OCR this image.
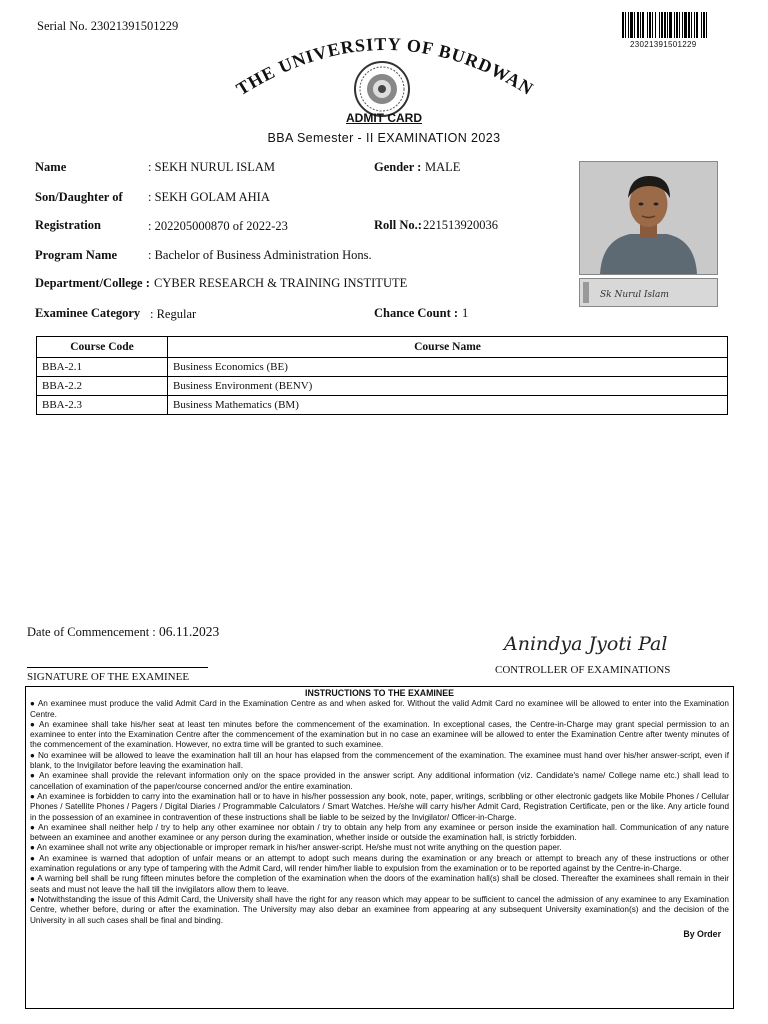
Serial No. 23021391501229
23021391501229
THE UNIVERSITY OF BURDWAN
ADMIT CARD
BBA Semester - II EXAMINATION 2023
Name	: SEKH NURUL ISLAM	Gender : MALE
Son/Daughter of : SEKH GOLAM AHIA
Registration	: 202205000870 of 2022-23	Roll No.: 221513920036
Program Name : Bachelor of Business Administration Hons.
Department/College : CYBER RESEARCH & TRAINING INSTITUTE
Examinee Category : Regular	Chance Count : 1
Sk Nurul Islam
Course Code	Course Name
BBA-2.1	Business Economics (BE)
BBA-2.2	Business Environment (BENV)
BBA-2.3	Business Mathematics (BM)
Date of Commencement : 06.11.2023
Anindya Jyoti Pal
SIGNATURE OF THE EXAMINEE
CONTROLLER OF EXAMINATIONS
INSTRUCTIONS TO THE EXAMINEE

● An examinee must produce the valid Admit Card in the Examination Centre as and when asked for. Without the valid Admit Card no examinee will be allowed to enter into the Examination Centre.

● An examinee shall take his/her seat at least ten minutes before the commencement of the examination. In exceptional cases, the Centre-in-Charge may grant special permission to an examinee to enter into the Examination Centre after the commencement of the examination but in no case an examinee will be allowed to enter the Examination Centre after twenty minutes of the commencement of the examination. However, no extra time will be granted to such examinee.

● No examinee will be allowed to leave the examination hall till an hour has elapsed from the commencement of the examination. The examinee must hand over his/her answer-script, even if blank, to the Invigilator before leaving the examination hall.

● An examinee shall provide the relevant information only on the space provided in the answer script. Any additional information (viz. Candidate's name/ College name etc.) shall lead to cancellation of examination of the paper/course concerned and/or the entire examination.

● An examinee is forbidden to carry into the examination hall or to have in his/her possession any book, note, paper, writings, scribbling or other electronic gadgets like Mobile Phones / Cellular Phones / Satellite Phones / Pagers / Digital Diaries / Programmable Calculators / Smart Watches. He/she will carry his/her Admit Card, Registration Certificate, pen or the like. Any article found in the possession of an examinee in contravention of these instructions shall be liable to be seized by the Invigilator/ Officer-in-Charge.

● An examinee shall neither help / try to help any other examinee nor obtain / try to obtain any help from any examinee or person inside the examination hall. Communication of any nature between an examinee and another examinee or any person during the examination, whether inside or outside the examination hall, is strictly forbidden.

● An examinee shall not write any objectionable or improper remark in his/her answer-script. He/she must not write anything on the question paper.

● An examinee is warned that adoption of unfair means or an attempt to adopt such means during the examination or any breach or attempt to breach any of these instructions or other examination regulations or any type of tampering with the Admit Card, will render him/her liable to expulsion from the examination or to be reported against by the Centre-in-Charge.

● A warning bell shall be rung fifteen minutes before the completion of the examination when the doors of the examination hall(s) shall be closed. Thereafter the examinees shall remain in their seats and must not leave the hall till the invigilators allow them to leave.

● Notwithstanding the issue of this Admit Card, the University shall have the right for any reason which may appear to be sufficient to cancel the admission of any examinee to any Examination Centre, whether before, during or after the examination. The University may also debar an examinee from appearing at any subsequent University examination(s) and the decision of the University in all such cases shall be final and binding.

By Order
